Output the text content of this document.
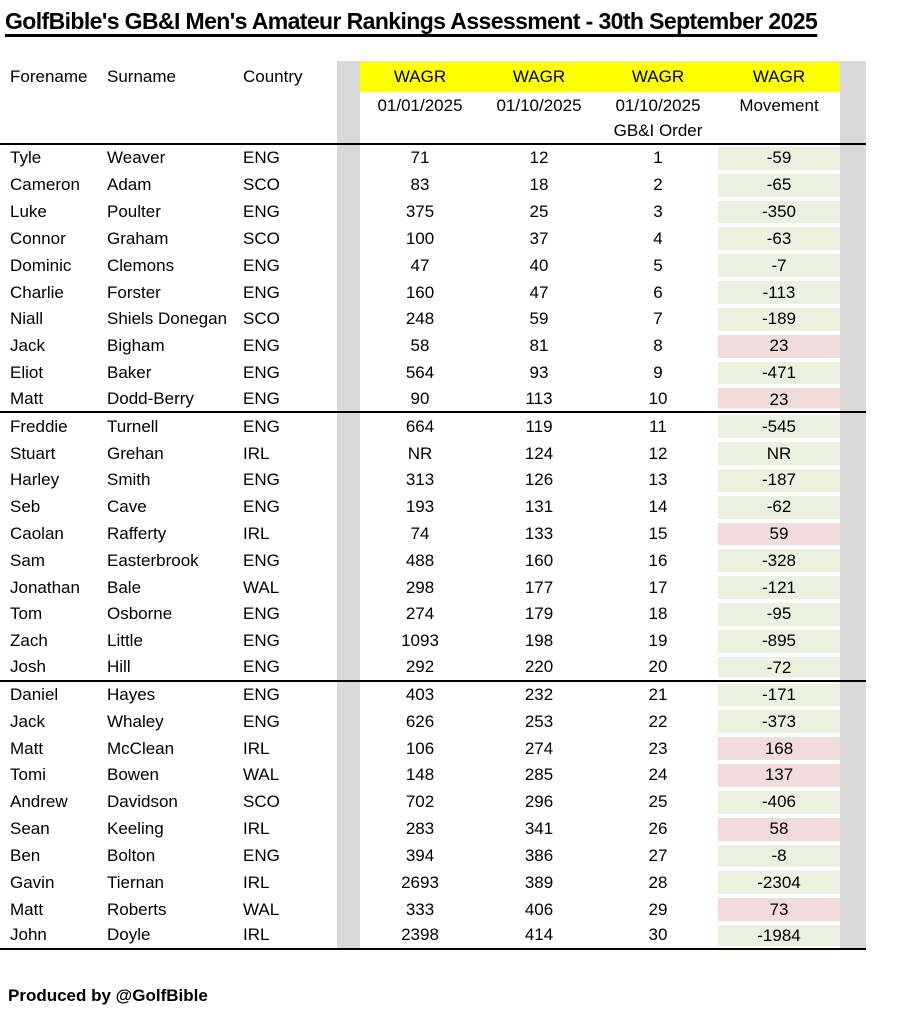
GolfBible's GB&I Men's Amateur Rankings Assessment - 30th September 2025
Forename	Surname	Country		WAGR	WAGR	WAGR	WAGR	
				01/01/2025	01/10/2025	01/10/2025	Movement	
						GB&I Order		
Tyle	Weaver	ENG		71	12	1	-59	
Cameron	Adam	SCO		83	18	2	-65	
Luke	Poulter	ENG		375	25	3	-350	
Connor	Graham	SCO		100	37	4	-63	
Dominic	Clemons	ENG		47	40	5	-7	
Charlie	Forster	ENG		160	47	6	-113	
Niall	Shiels Donegan	SCO		248	59	7	-189	
Jack	Bigham	ENG		58	81	8	23	
Eliot	Baker	ENG		564	93	9	-471	
Matt	Dodd-Berry	ENG		90	113	10	23	
Freddie	Turnell	ENG		664	119	11	-545	
Stuart	Grehan	IRL		NR	124	12	NR	
Harley	Smith	ENG		313	126	13	-187	
Seb	Cave	ENG		193	131	14	-62	
Caolan	Rafferty	IRL		74	133	15	59	
Sam	Easterbrook	ENG		488	160	16	-328	
Jonathan	Bale	WAL		298	177	17	-121	
Tom	Osborne	ENG		274	179	18	-95	
Zach	Little	ENG		1093	198	19	-895	
Josh	Hill	ENG		292	220	20	-72	
Daniel	Hayes	ENG		403	232	21	-171	
Jack	Whaley	ENG		626	253	22	-373	
Matt	McClean	IRL		106	274	23	168	
Tomi	Bowen	WAL		148	285	24	137	
Andrew	Davidson	SCO		702	296	25	-406	
Sean	Keeling	IRL		283	341	26	58	
Ben	Bolton	ENG		394	386	27	-8	
Gavin	Tiernan	IRL		2693	389	28	-2304	
Matt	Roberts	WAL		333	406	29	73	
John	Doyle	IRL		2398	414	30	-1984	
Produced by @GolfBible
